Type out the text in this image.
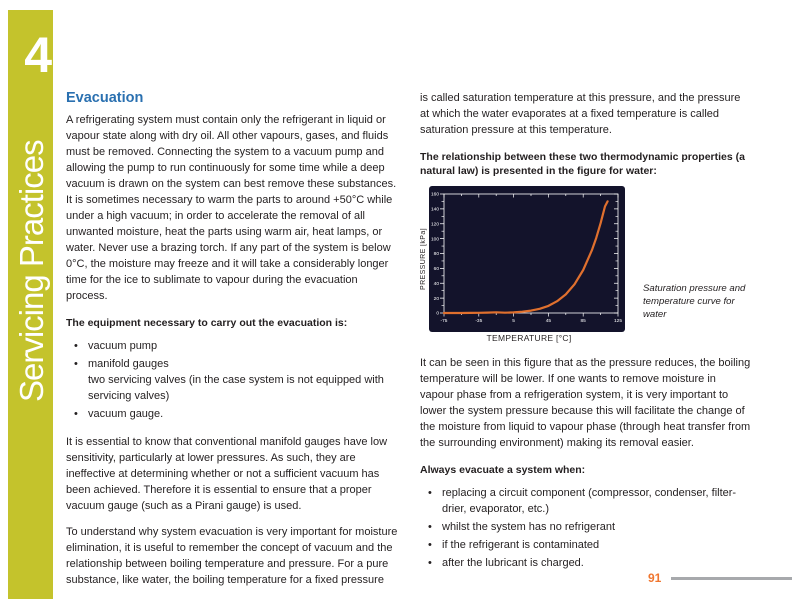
4
Servicing Practices
Evacuation

A refrigerating system must contain only the refrigerant in liquid or vapour state along with dry oil. All other vapours, gases, and fluids must be removed. Connecting the system to a vacuum pump and allowing the pump to run continuously for some time while a deep vacuum is drawn on the system can best remove these substances. It is sometimes necessary to warm the parts to around +50°C while under a high vacuum; in order to accelerate the removal of all unwanted moisture, heat the parts using warm air, heat lamps, or water. Never use a brazing torch. If any part of the system is below 0°C, the moisture may freeze and it will take a considerably longer time for the ice to sublimate to vapour during the evacuation process.

The equipment necessary to carry out the evacuation is:
• vacuum pump
• manifold gauges
two servicing valves (in the case system is not equipped with servicing valves)
• vacuum gauge.

It is essential to know that conventional manifold gauges have low sensitivity, particularly at lower pressures. As such, they are ineffective at determining whether or not a sufficient vacuum has been achieved. Therefore it is essential to ensure that a proper vacuum gauge (such as a Pirani gauge) is used.

To understand why system evacuation is very important for moisture elimination, it is useful to remember the concept of vacuum and the relationship between boiling temperature and pressure. For a pure substance, like water, the boiling temperature for a fixed pressure

is called saturation temperature at this pressure, and the pressure at which the water evaporates at a fixed temperature is called saturation pressure at this temperature.

The relationship between these two thermodynamic properties (a natural law) is presented in the figure for water:
PRESSURE [kPa]
-75	-35	5	45	85	125
0
20
40
60
80
100
120
140
160
TEMPERATURE [°C]
Saturation pressure and temperature curve for water

It can be seen in this figure that as the pressure reduces, the boiling temperature will be lower. If one wants to remove moisture in vapour phase from a refrigeration system, it is very important to lower the system pressure because this will facilitate the change of the moisture from liquid to vapour phase (through heat transfer from the surrounding environment) making its removal easier.

Always evacuate a system when:
• replacing a circuit component (compressor, condenser, filter-drier, evaporator, etc.)
• whilst the system has no refrigerant
• if the refrigerant is contaminated
• after the lubricant is charged.
91
